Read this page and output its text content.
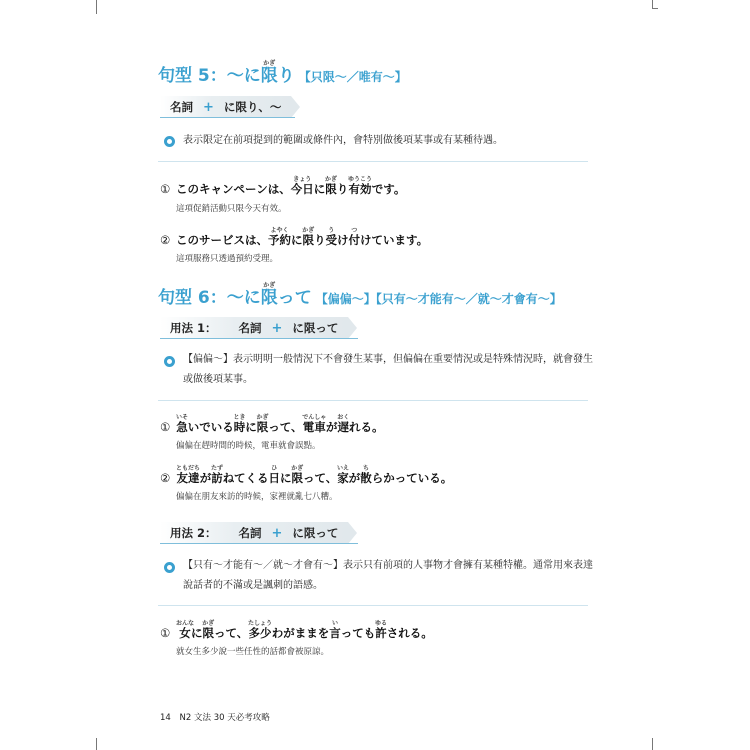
句型 5：～に限かぎり 【只限～／唯有～】
名詞 + に限り、～
表示限定在前項提到的範圍或條件內，會特別做後項某事或有某種待遇。
① このキャンペーンは、今日きょうに限かぎり有効ゆうこうです。
這項促銷活動只限今天有效。
② このサービスは、予約よやくに限かぎり受うけ付つけています。
這項服務只透過預約受理。
句型 6：～に限かぎって 【偏偏～】【只有～才能有～／就～才會有～】
用法 1： 名詞 + に限って
【偏偏～】表示明明一般情況下不會發生某事，但偏偏在重要情況或是特殊情況時，就會發生或做後項某事。
① 急いそいでいる時ときに限かぎって、電車でんしゃが遅おくれる。
偏偏在趕時間的時候，電車就會誤點。
② 友達ともだちが訪たずねてくる日ひに限かぎって、家いえが散ちらかっている。
偏偏在朋友來訪的時候，家裡就亂七八糟。
用法 2： 名詞 + に限って
【只有～才能有～／就～才會有～】表示只有前項的人事物才會擁有某種特權。通常用來表達說話者的不滿或是諷刺的語感。
① 女おんなに限かぎって、多少たしょうわがままを言いっても許ゆるされる。
就女生多少說一些任性的話都會被原諒。
14 N2 文法 30 天必考攻略
